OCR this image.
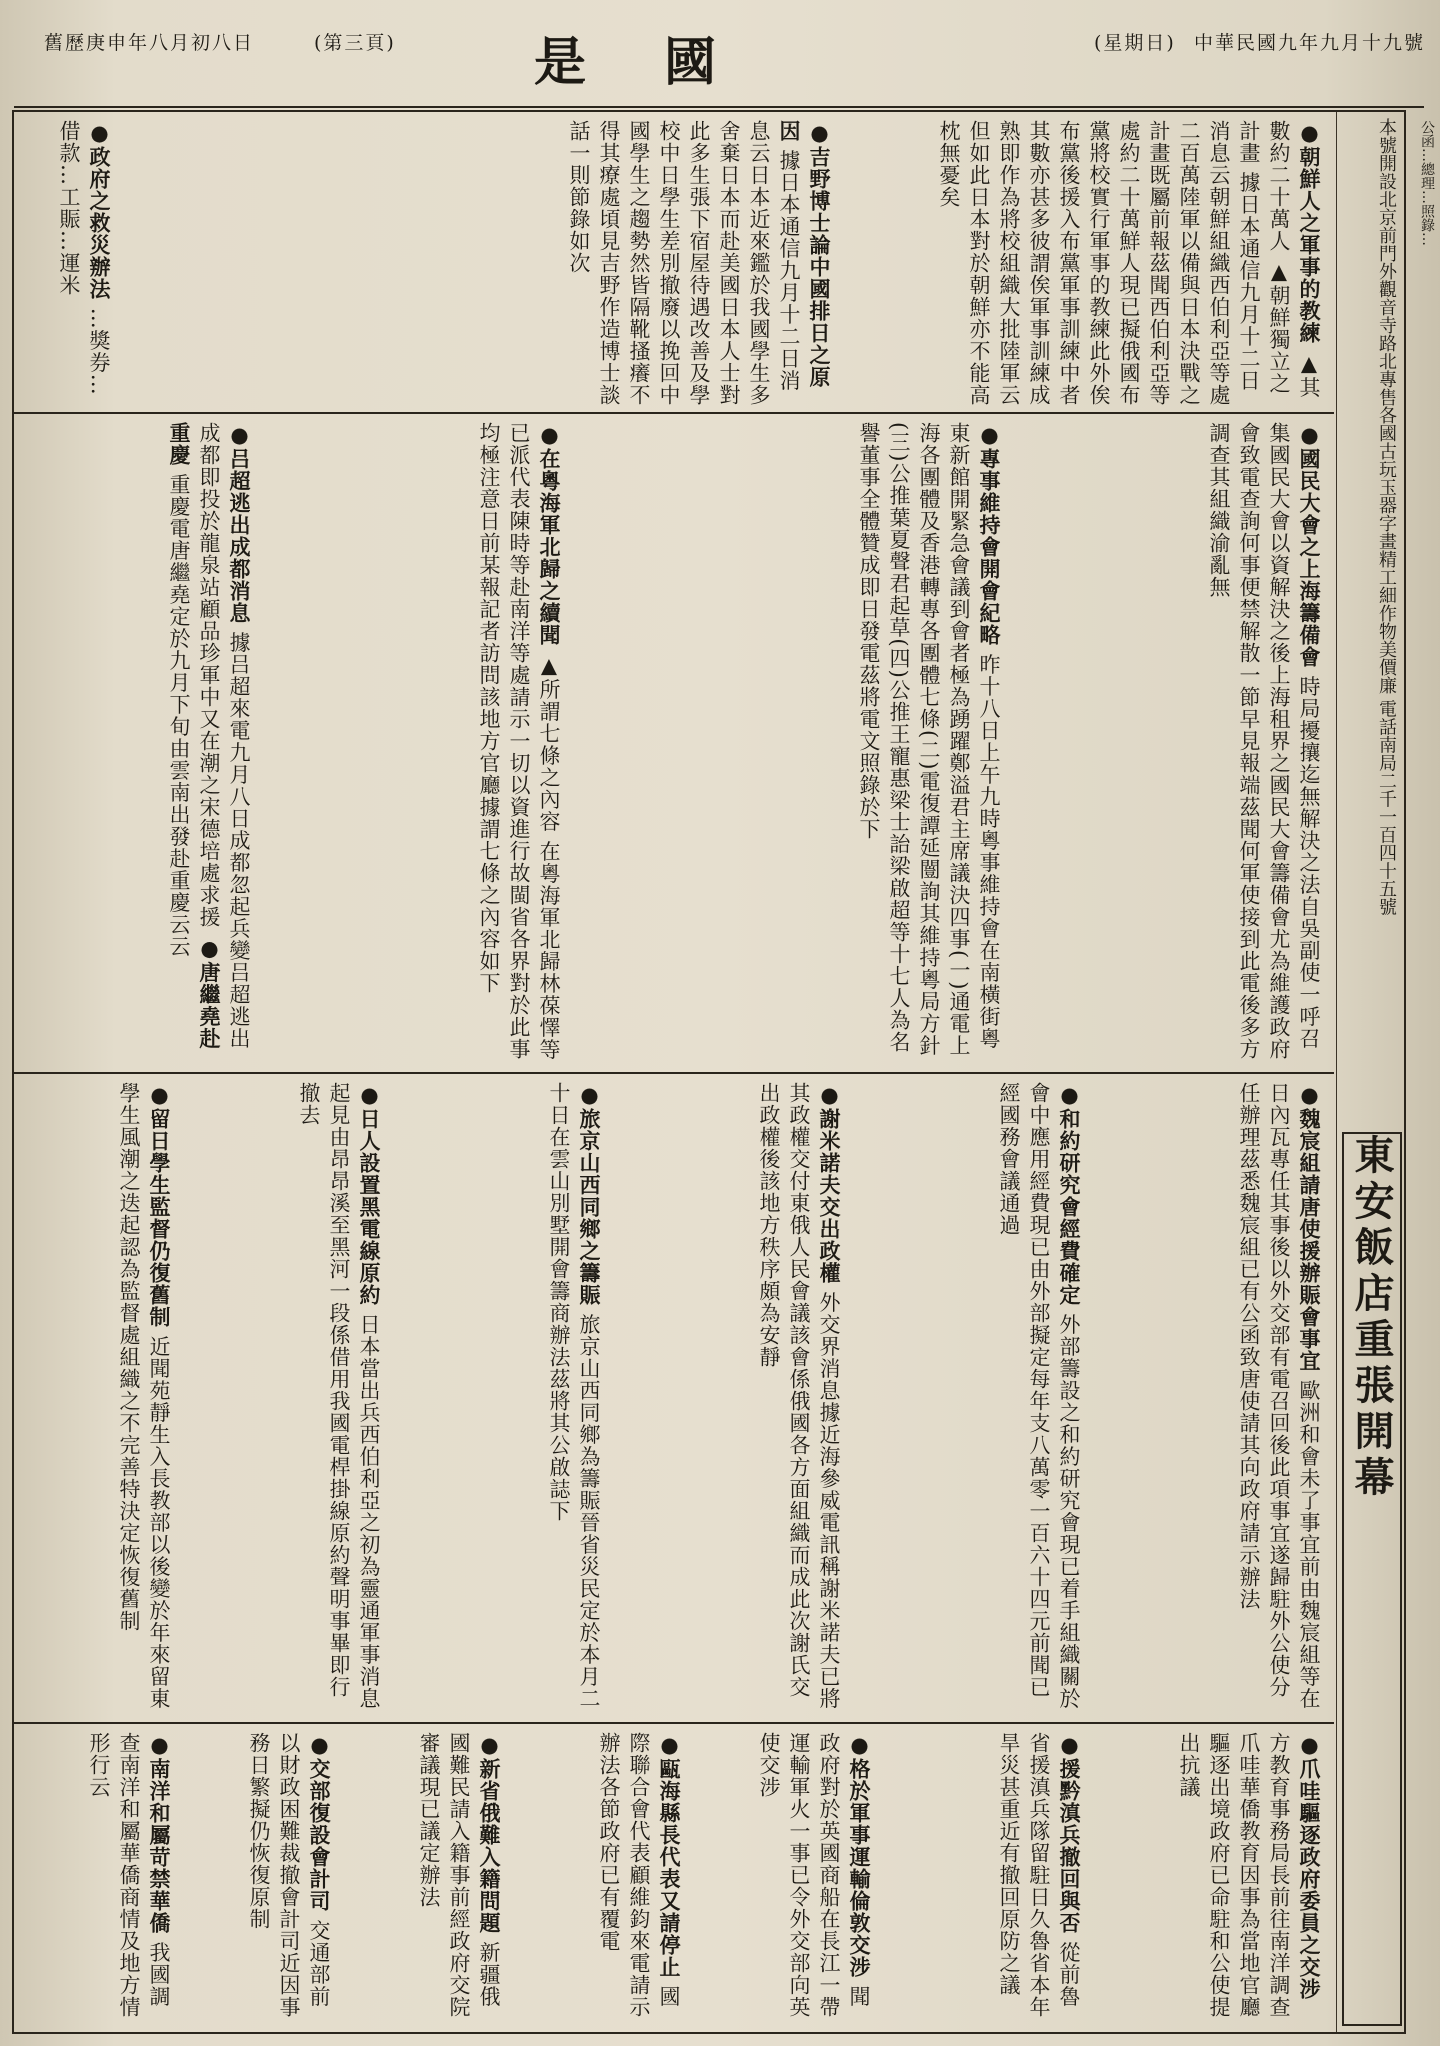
中華民國九年九月十九號
(星期日)
國
是
(第三頁)
舊歷庚申年八月初八日
●朝鮮人之軍事的教練 ▲其數約二十萬人 ▲朝鮮獨立之計畫 據日本通信九月十二日消息云朝鮮組織西伯利亞等處二百萬陸軍以備與日本決戰之計畫既屬前報茲聞西伯利亞等處約二十萬鮮人現已擬俄國布黨將校實行軍事的教練此外俟布黨後援入布黨軍事訓練中者其數亦甚多彼謂俟軍事訓練成熟即作為將校組織大批陸軍云但如此日本對於朝鮮亦不能高枕無憂矣
●吉野博士論中國排日之原因 據日本通信九月十二日消息云日本近來鑑於我國學生多舍棄日本而赴美國日本人士對此多生張下宿屋待遇改善及學校中日學生差別撤廢以挽回中國學生之趨勢然皆隔靴搔癢不得其療處頃見吉野作造博士談話一則節錄如次
●政府之救災辦法 …獎券…借款…工賑…運米
●國民大會之上海籌備會 時局擾攘迄無解決之法自吳副使一呼召集國民大會以資解決之後上海租界之國民大會籌備會尤為維護政府會致電查詢何事便禁解散一節早見報端茲聞何軍使接到此電後多方調查其組織渝亂無
●專事維持會開會紀略 昨十八日上午九時粵事維持會在南橫街粵東新館開緊急會議到會者極為踴躍鄭溢君主席議決四事(一)通電上海各團體及香港轉專各團體七條(二)電復譚延闓詢其維持粵局方針(三)公推葉夏聲君起草(四)公推王寵惠梁士詒梁啟超等十七人為名譽董事全體贊成即日發電茲將電文照錄於下
●在粵海軍北歸之續聞 ▲所謂七條之內容 在粵海軍北歸林葆懌等已派代表陳時等赴南洋等處請示一切以資進行故閩省各界對於此事均極注意日前某報記者訪問該地方官廳據謂七條之內容如下
●吕超逃出成都消息 據吕超來電九月八日成都忽起兵變吕超逃出成都即投於龍泉站顧品珍軍中又在潮之宋德培處求援 ●唐繼堯赴重慶 重慶電唐繼堯定於九月下旬由雲南出發赴重慶云云
●魏宸組請唐使援辦賑會事宜 歐洲和會未了事宜前由魏宸組等在日內瓦專任其事後以外交部有電召回後此項事宜遂歸駐外公使分任辦理茲悉魏宸組已有公函致唐使請其向政府請示辦法
●和約研究會經費確定 外部籌設之和約研究會現已着手組織關於會中應用經費現已由外部擬定每年支八萬零一百六十四元前聞已經國務會議通過
●謝米諾夫交出政權 外交界消息據近海參威電訊稱謝米諾夫已將其政權交付東俄人民會議該會係俄國各方面組織而成此次謝氏交出政權後該地方秩序頗為安靜
●旅京山西同鄉之籌賑 旅京山西同鄉為籌賑晉省災民定於本月二十日在雲山別墅開會籌商辦法茲將其公啟誌下
●日人設置黑電線原約 日本當出兵西伯利亞之初為靈通軍事消息起見由昂昂溪至黑河一段係借用我國電桿掛線原約聲明事畢即行撤去
●留日學生監督仍復舊制 近聞苑靜生入長教部以後變於年來留東學生風潮之迭起認為監督處組織之不完善特決定恢復舊制
●爪哇驅逐政府委員之交涉 方教育事務局長前往南洋調查爪哇華僑教育因事為當地官廳驅逐出境政府已命駐和公使提出抗議
●援黔滇兵撤回與否 從前魯省援滇兵隊留駐日久魯省本年旱災甚重近有撤回原防之議
●格於軍事運輸倫敦交涉 聞政府對於英國商船在長江一帶運輸軍火一事已令外交部向英使交涉
●甌海縣長代表又請停止 國際聯合會代表顧維鈞來電請示辦法各節政府已有覆電
●新省俄難入籍問題 新疆俄國難民請入籍事前經政府交院審議現已議定辦法
●交部復設會計司 交通部前以財政困難裁撤會計司近因事務日繁擬仍恢復原制
●南洋和屬苛禁華僑 我國調查南洋和屬華僑商情及地方情形行云
本號開設北京前門外觀音寺路北專售各國古玩玉器字畫精工細作物美價廉 電話南局二千一百四十五號
東安飯店重張開幕
公函…總理…照錄…
